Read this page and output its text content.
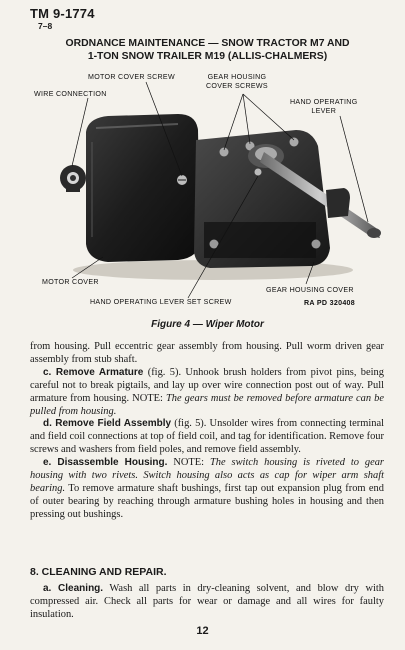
TM 9-1774
7–8
ORDNANCE MAINTENANCE — SNOW TRACTOR M7 AND
1-TON SNOW TRAILER M19 (ALLIS-CHALMERS)
MOTOR COVER SCREW	GEAR HOUSING
COVER SCREWS
WIRE CONNECTION
HAND OPERATING
LEVER
MOTOR COVER
GEAR HOUSING COVER
HAND OPERATING LEVER SET SCREW	RA PD 320408
Figure 4 — Wiper Motor

from housing. Pull eccentric gear assembly from housing. Pull worm driven gear assembly from stub shaft.

c. Remove Armature (fig. 5). Unhook brush holders from pivot pins, being careful not to break pigtails, and lay up over wire connection post out of way. Pull armature from housing. NOTE: The gears must be removed before armature can be pulled from housing.

d. Remove Field Assembly (fig. 5). Unsolder wires from connecting terminal and field coil connections at top of field coil, and tag for identification. Remove four screws and washers from field poles, and remove field assembly.

e. Disassemble Housing. NOTE: The switch housing is riveted to gear housing with two rivets. Switch housing also acts as cap for wiper arm shaft bearing. To remove armature shaft bushings, first tap out expansion plug from end of outer bearing by reaching through armature bushing holes in housing and then pressing out bushings.

8. CLEANING AND REPAIR.

a. Cleaning. Wash all parts in dry-cleaning solvent, and blow dry with compressed air. Check all parts for wear or damage and all wires for faulty insulation.

12
